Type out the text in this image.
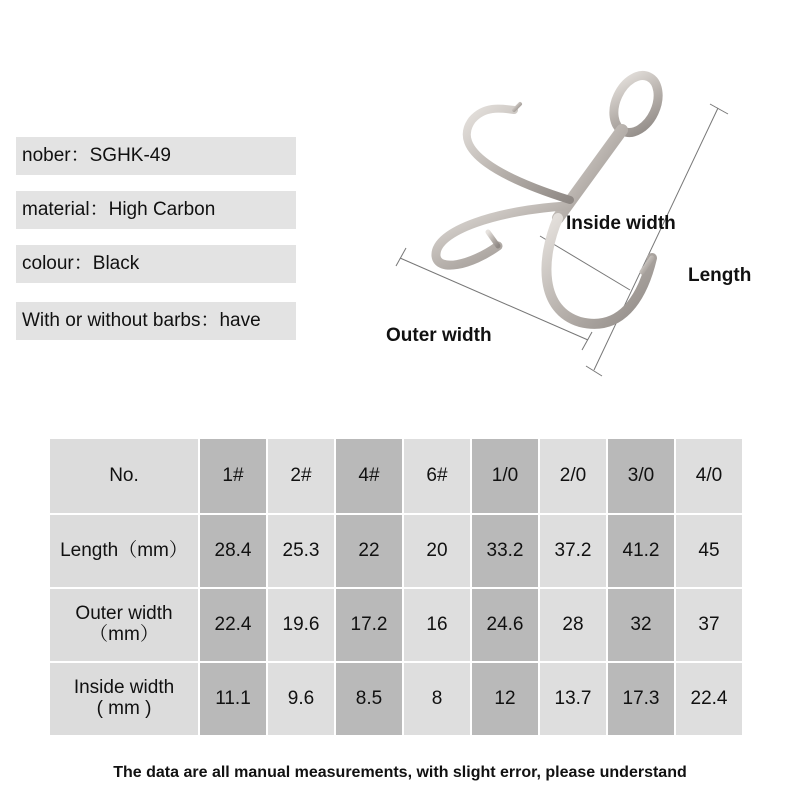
nober：SGHK-49
material：High Carbon
colour：Black
With or without barbs：have
Inside width
Length
Outer width
No.	1#	2#	4#	6#	1/0	2/0	3/0	4/0
Length（mm）	28.4	25.3	22	20	33.2	37.2	41.2	45
Outer width
（mm）	22.4	19.6	17.2	16	24.6	28	32	37
Inside width
( mm )	11.1	9.6	8.5	8	12	13.7	17.3	22.4
The data are all manual measurements, with slight error, please understand
